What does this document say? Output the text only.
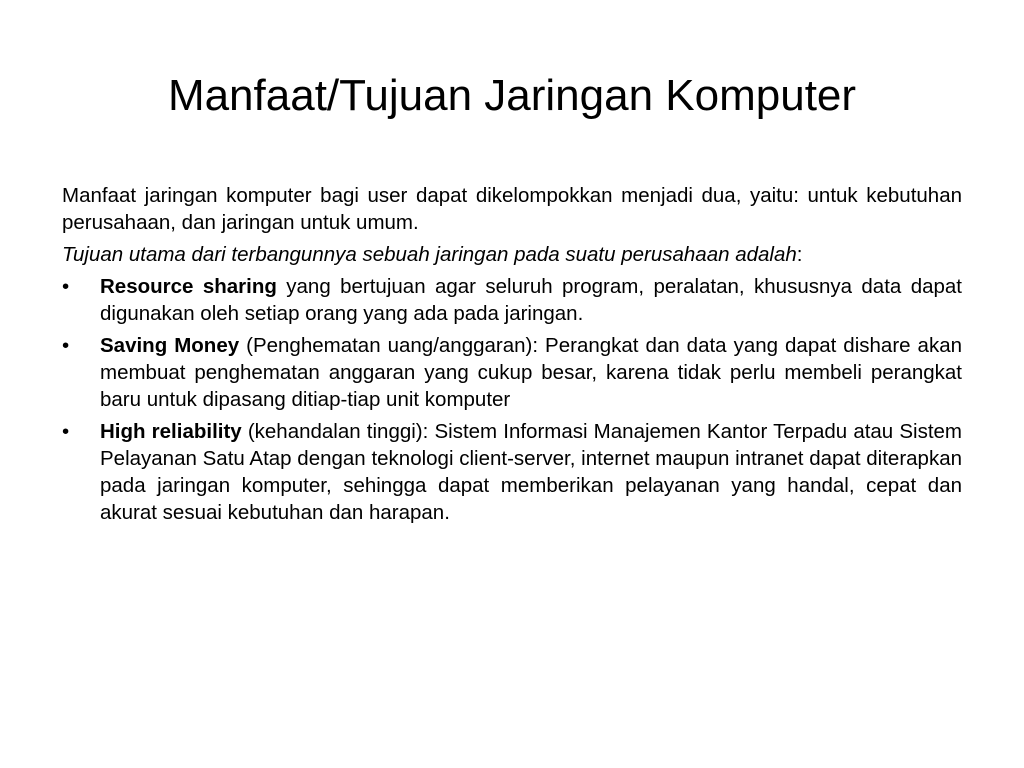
Manfaat/Tujuan Jaringan Komputer

Manfaat jaringan komputer bagi user dapat dikelompokkan menjadi dua, yaitu: untuk kebutuhan perusahaan, dan jaringan untuk umum.

Tujuan utama dari terbangunnya sebuah jaringan pada suatu perusahaan adalah:

•	Resource sharing yang bertujuan agar seluruh program, peralatan, khususnya data dapat digunakan oleh setiap orang yang ada pada jaringan.
•	Saving Money (Penghematan uang/anggaran): Perangkat dan data yang dapat dishare akan membuat penghematan anggaran yang cukup besar, karena tidak perlu membeli perangkat baru untuk dipasang ditiap-tiap unit komputer
•	High reliability (kehandalan tinggi): Sistem Informasi Manajemen Kantor Terpadu atau Sistem Pelayanan Satu Atap dengan teknologi client-server, internet maupun intranet dapat diterapkan pada jaringan komputer, sehingga dapat memberikan pelayanan yang handal, cepat dan akurat sesuai kebutuhan dan harapan.
